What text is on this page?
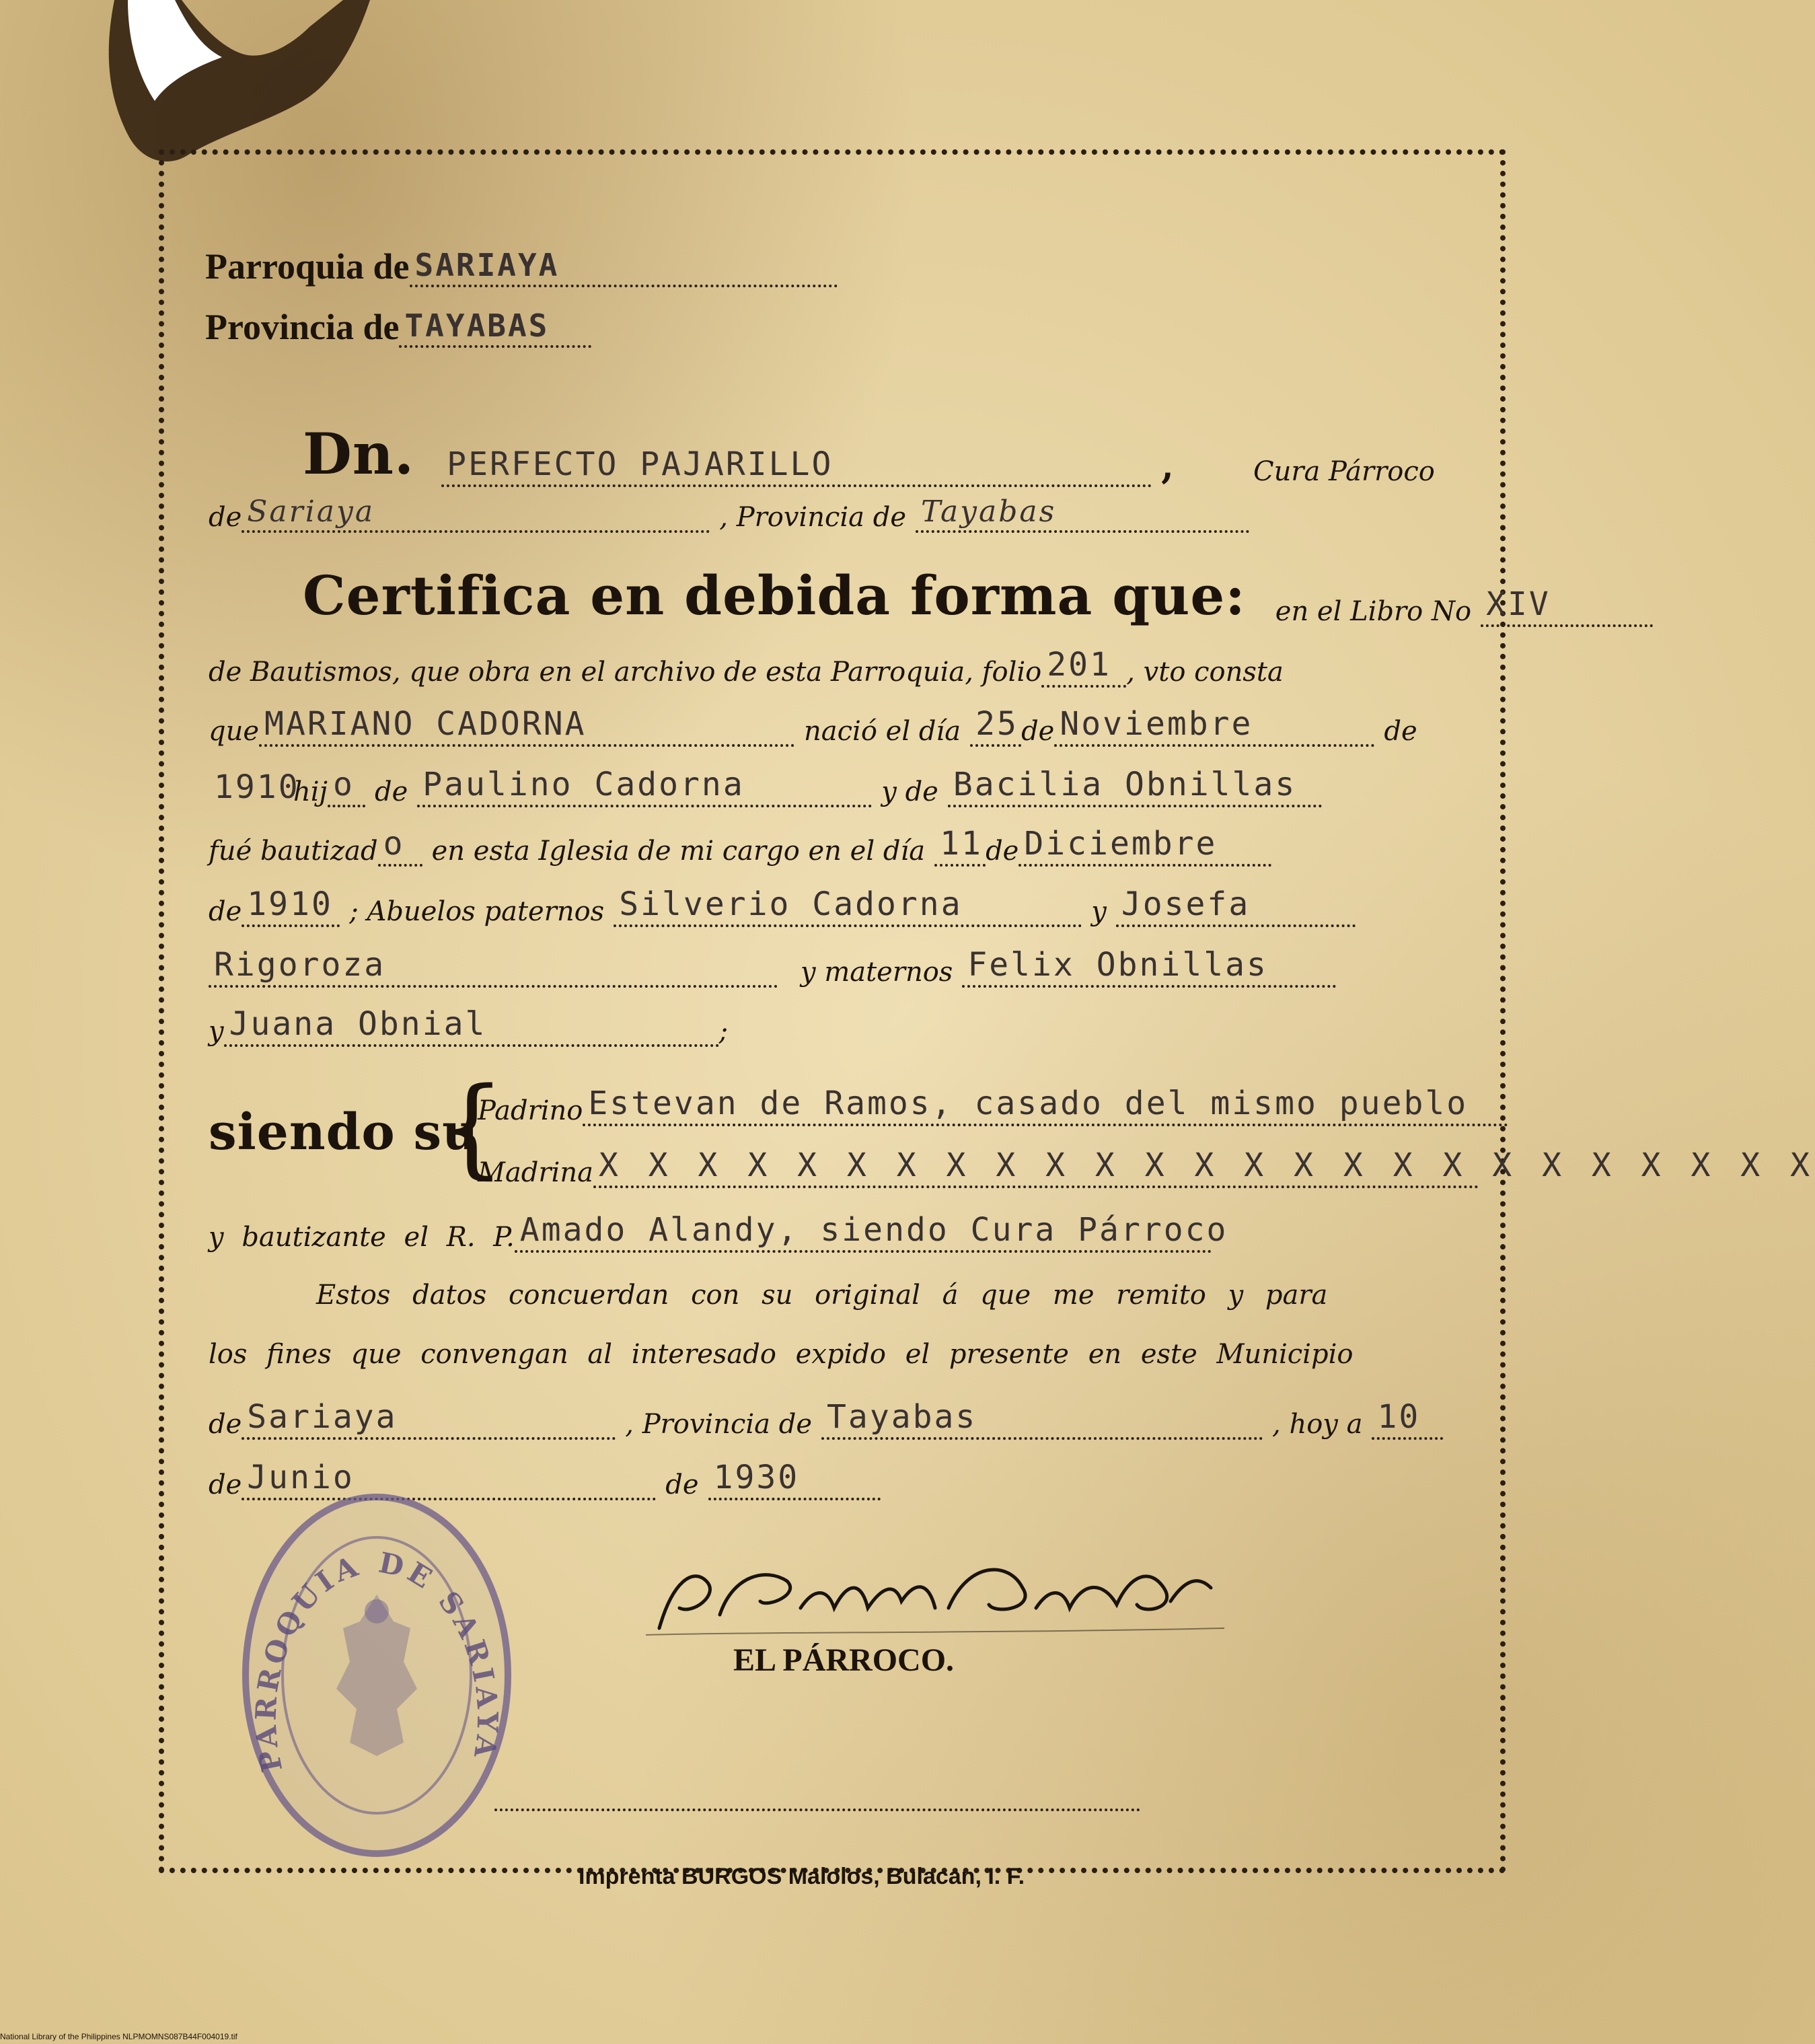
Parroquia de SARIAYA
Provincia de TAYABAS
Dn. PERFECTO PAJARILLO	,	Cura Párroco
de Sariaya	, Provincia de Tayabas
Certifica en debida forma que:	en el Libro No XIV
de Bautismos, que obra en el archivo de esta Parroquia, folio 201 , vto consta
que MARIANO CADORNA	nació el día 25 de Noviembre	de
1910
hij o de Paulino Cadorna	y de Bacilia Obnillas
fué bautizad o	en esta Iglesia de mi cargo en el día 11 de Diciembre
de 1910 ; Abuelos paternos Silverio Cadorna	y Josefa
Rigoroza	y maternos Felix Obnillas
y Juana Obnial	;
siendo su
{
Padrino Estevan de Ramos, casado del mismo pueblo
Madrina X X X X X X X X X X X X X X X X X X X X X X X X X
y bautizante el R. P. Amado Alandy, siendo Cura Párroco
Estos datos concuerdan con su original á que me remito y para
los fines que convengan al interesado expido el presente en este Municipio
de Sariaya	, Provincia de Tayabas	, hoy a 10
de Junio	de 1930
PARROQUIA DE SARIAYA
EL PÁRROCO.
Imprenta BURGOS Malolos, Bulacan, I. F.
National Library of the Philippines NLPMOMNS087B44F004019.tif
